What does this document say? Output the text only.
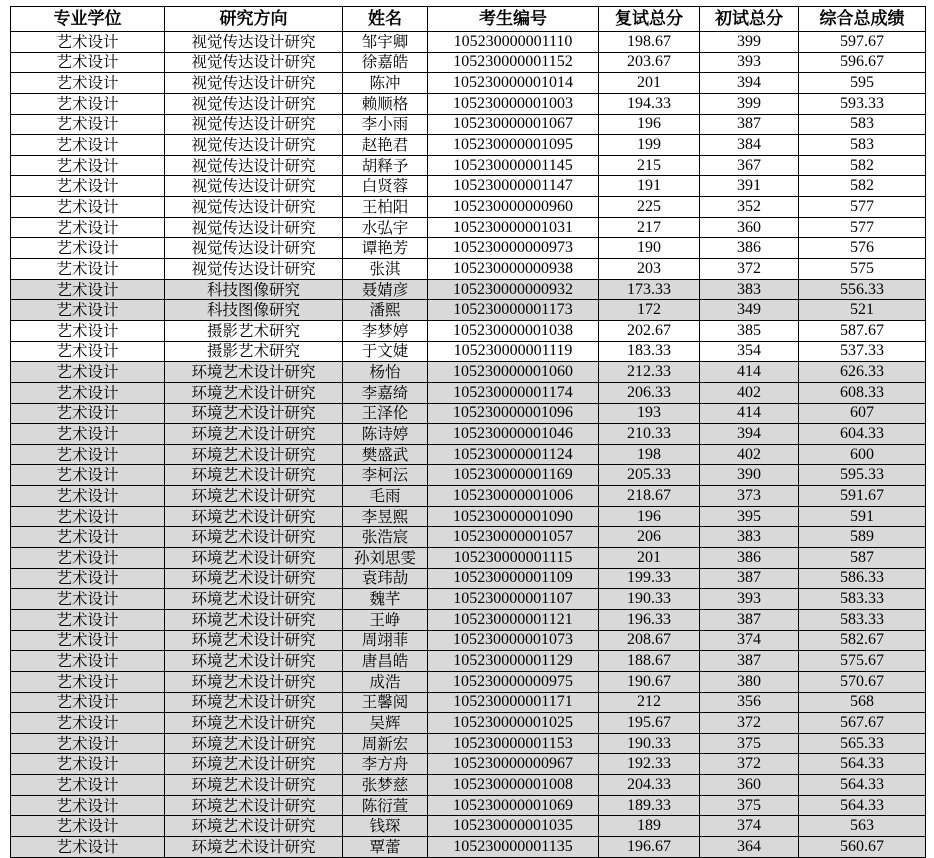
专业学位	研究方向	姓名	考生编号	复试总分	初试总分	综合总成绩
艺术设计	视觉传达设计研究	邹宇卿	105230000001110	198.67	399	597.67
艺术设计	视觉传达设计研究	徐嘉皓	105230000001152	203.67	393	596.67
艺术设计	视觉传达设计研究	陈冲	105230000001014	201	394	595
艺术设计	视觉传达设计研究	赖顺格	105230000001003	194.33	399	593.33
艺术设计	视觉传达设计研究	李小雨	105230000001067	196	387	583
艺术设计	视觉传达设计研究	赵艳君	105230000001095	199	384	583
艺术设计	视觉传达设计研究	胡释予	105230000001145	215	367	582
艺术设计	视觉传达设计研究	白贤蓉	105230000001147	191	391	582
艺术设计	视觉传达设计研究	王柏阳	105230000000960	225	352	577
艺术设计	视觉传达设计研究	水弘宇	105230000001031	217	360	577
艺术设计	视觉传达设计研究	谭艳芳	105230000000973	190	386	576
艺术设计	视觉传达设计研究	张淇	105230000000938	203	372	575
艺术设计	科技图像研究	聂婧彦	105230000000932	173.33	383	556.33
艺术设计	科技图像研究	潘熙	105230000001173	172	349	521
艺术设计	摄影艺术研究	李梦婷	105230000001038	202.67	385	587.67
艺术设计	摄影艺术研究	于文婕	105230000001119	183.33	354	537.33
艺术设计	环境艺术设计研究	杨怡	105230000001060	212.33	414	626.33
艺术设计	环境艺术设计研究	李嘉绮	105230000001174	206.33	402	608.33
艺术设计	环境艺术设计研究	王泽伦	105230000001096	193	414	607
艺术设计	环境艺术设计研究	陈诗婷	105230000001046	210.33	394	604.33
艺术设计	环境艺术设计研究	樊盛武	105230000001124	198	402	600
艺术设计	环境艺术设计研究	李柯沄	105230000001169	205.33	390	595.33
艺术设计	环境艺术设计研究	毛雨	105230000001006	218.67	373	591.67
艺术设计	环境艺术设计研究	李昱熙	105230000001090	196	395	591
艺术设计	环境艺术设计研究	张浩宸	105230000001057	206	383	589
艺术设计	环境艺术设计研究	孙刘思雯	105230000001115	201	386	587
艺术设计	环境艺术设计研究	袁玮劼	105230000001109	199.33	387	586.33
艺术设计	环境艺术设计研究	魏芊	105230000001107	190.33	393	583.33
艺术设计	环境艺术设计研究	王峥	105230000001121	196.33	387	583.33
艺术设计	环境艺术设计研究	周翊菲	105230000001073	208.67	374	582.67
艺术设计	环境艺术设计研究	唐昌皓	105230000001129	188.67	387	575.67
艺术设计	环境艺术设计研究	成浩	105230000000975	190.67	380	570.67
艺术设计	环境艺术设计研究	王馨阅	105230000001171	212	356	568
艺术设计	环境艺术设计研究	吴辉	105230000001025	195.67	372	567.67
艺术设计	环境艺术设计研究	周新宏	105230000001153	190.33	375	565.33
艺术设计	环境艺术设计研究	李方舟	105230000000967	192.33	372	564.33
艺术设计	环境艺术设计研究	张梦慈	105230000001008	204.33	360	564.33
艺术设计	环境艺术设计研究	陈衍萱	105230000001069	189.33	375	564.33
艺术设计	环境艺术设计研究	钱琛	105230000001035	189	374	563
艺术设计	环境艺术设计研究	覃蕾	105230000001135	196.67	364	560.67
